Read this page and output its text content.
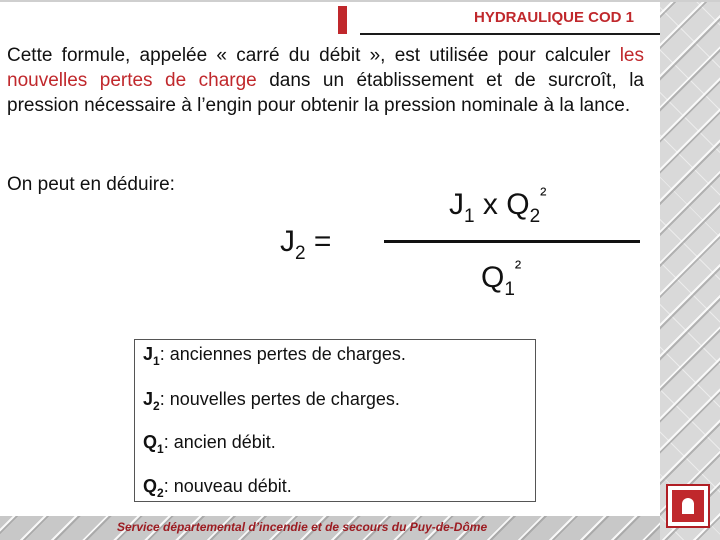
HYDRAULIQUE COD 1
Cette formule, appelée « carré du débit », est utilisée pour calculer les nouvelles pertes de charge dans un établissement et de surcroît, la pression nécessaire à l’engin pour obtenir la pression nominale à la lance.
On peut en déduire:
$J_2$ =
$J_1$ x $Q_2^{^2}$
$Q_1^{^2}$
$J_1$: anciennes pertes de charges.
$J_2$: nouvelles pertes de charges.
$Q_1$: ancien débit.
$Q_2$: nouveau débit.
Service départemental d’incendie et de secours du Puy-de-Dôme
